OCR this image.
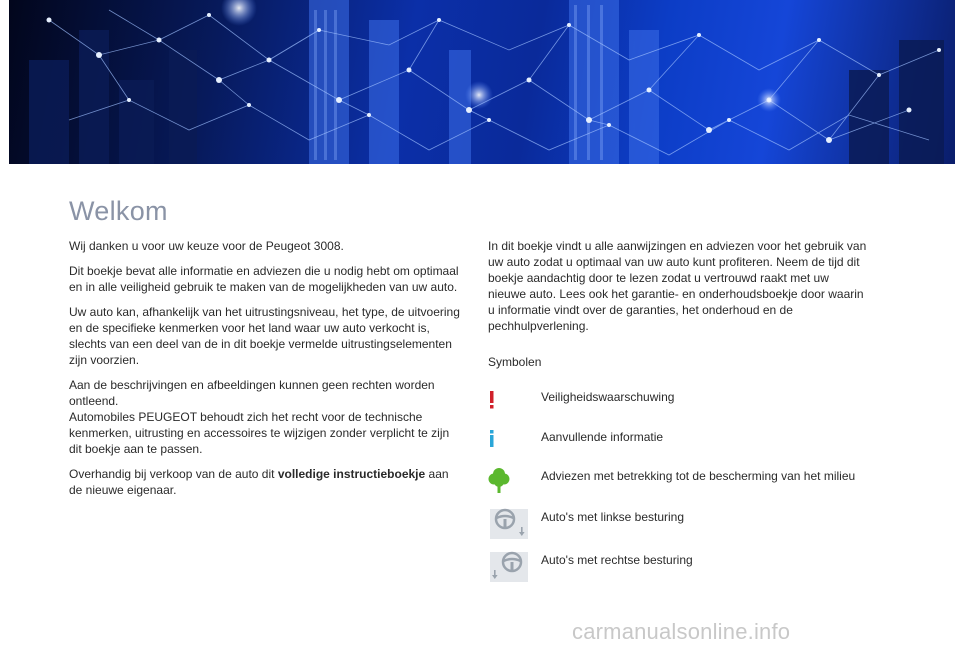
Welkom

Wij danken u voor uw keuze voor de Peugeot 3008.

Dit boekje bevat alle informatie en adviezen die u nodig hebt om optimaal en in alle veiligheid gebruik te maken van de mogelijkheden van uw auto.

Uw auto kan, afhankelijk van het uitrustingsniveau, het type, de uitvoering en de specifieke kenmerken voor het land waar uw auto verkocht is, slechts van een deel van de in dit boekje vermelde uitrustingselementen zijn voorzien.

Aan de beschrijvingen en afbeeldingen kunnen geen rechten worden ontleend.
Automobiles PEUGEOT behoudt zich het recht voor de technische kenmerken, uitrusting en accessoires te wijzigen zonder verplicht te zijn dit boekje aan te passen.

Overhandig bij verkoop van de auto dit volledige instructieboekje aan de nieuwe eigenaar.

In dit boekje vindt u alle aanwijzingen en adviezen voor het gebruik van uw auto zodat u optimaal van uw auto kunt profiteren. Neem de tijd dit boekje aandachtig door te lezen zodat u vertrouwd raakt met uw nieuwe auto. Lees ook het garantie- en onderhoudsboekje door waarin u informatie vindt over de garanties, het onderhoud en de pechhulpverlening.

Symbolen
Veiligheidswaarschuwing
Aanvullende informatie
Adviezen met betrekking tot de bescherming van het milieu
Auto's met linkse besturing
Auto's met rechtse besturing
carmanualsonline.info
